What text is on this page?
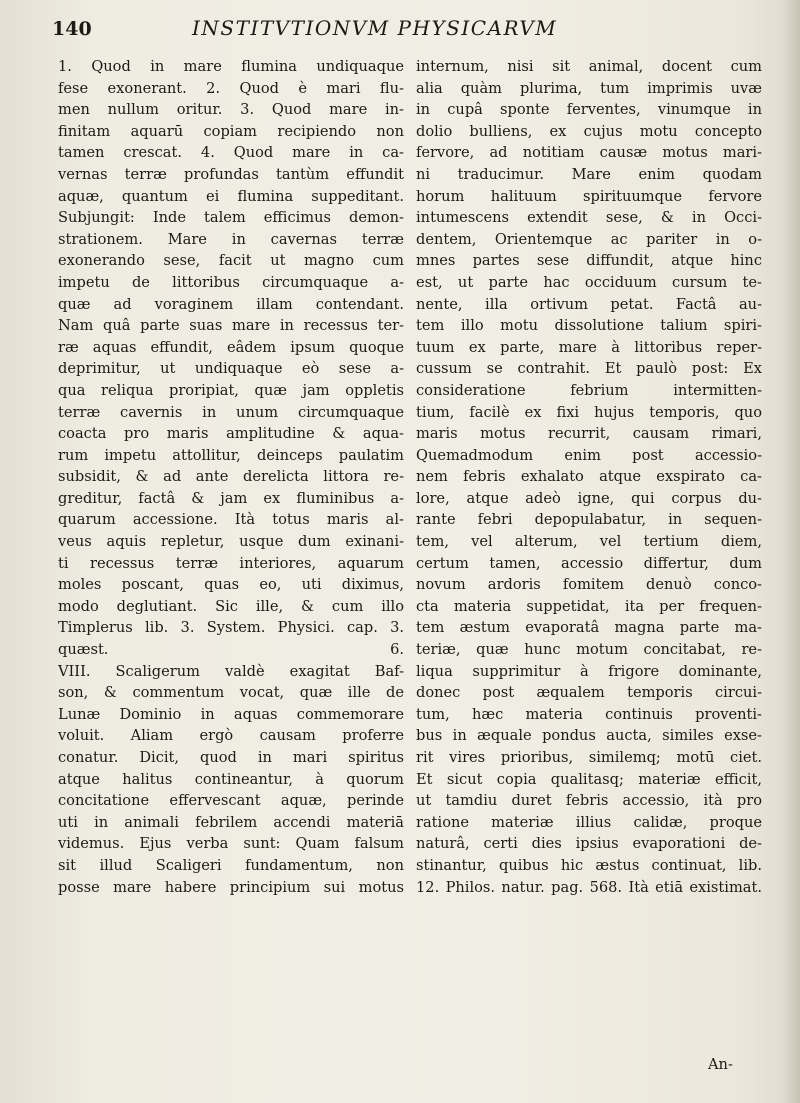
140	INSTITVTIONVM PHYSICARVM
1. Quod in mare flumina undiquaque
fese exonerant. 2. Quod è mari flu-
men nullum oritur. 3. Quod mare in-
finitam aquarū copiam recipiendo non
tamen crescat. 4. Quod mare in ca-
vernas terræ profundas tantùm effundit
aquæ, quantum ei flumina suppeditant.
Subjungit: Inde talem efficimus demon-
strationem. Mare in cavernas terræ
exonerando sese, facit ut magno cum
impetu de littoribus circumquaque a-
quæ ad voraginem illam contendant.
Nam quâ parte suas mare in recessus ter-
ræ aquas effundit, eâdem ipsum quoque
deprimitur, ut undiquaque eò sese a-
qua reliqua proripiat, quæ jam oppletis
terræ cavernis in unum circumquaque
coacta pro maris amplitudine & aqua-
rum impetu attollitur, deinceps paulatim
subsidit, & ad ante derelicta littora re-
greditur, factâ & jam ex fluminibus a-
quarum accessione. Ità totus maris al-
veus aquis repletur, usque dum exinani-
ti recessus terræ interiores, aquarum
moles poscant, quas eo, uti diximus,
modo deglutiant. Sic ille, & cum illo
Timplerus lib. 3. System. Physici. cap. 3.
quæst. 6.
VIII. Scaligerum valdè exagitat Baf-
son, & commentum vocat, quæ ille de
Lunæ Dominio in aquas commemorare
voluit. Aliam ergò causam proferre
conatur. Dicit, quod in mari spiritus
atque halitus contineantur, à quorum
concitatione effervescant aquæ, perinde
uti in animali febrilem accendi materiā
videmus. Ejus verba sunt: Quam falsum
sit illud Scaligeri fundamentum, non
posse mare habere principium sui motus
internum, nisi sit animal, docent cum
alia quàm plurima, tum imprimis uvæ
in cupâ sponte ferventes, vinumque in
dolio bulliens, ex cujus motu concepto
fervore, ad notitiam causæ motus mari-
ni traducimur. Mare enim quodam
horum halituum spirituumque fervore
intumescens extendit sese, & in Occi-
dentem, Orientemque ac pariter in o-
mnes partes sese diffundit, atque hinc
est, ut parte hac occiduum cursum te-
nente, illa ortivum petat. Factâ au-
tem illo motu dissolutione talium spiri-
tuum ex parte, mare à littoribus reper-
cussum se contrahit. Et paulò post: Ex
consideratione febrium intermitten-
tium, facilè ex fixi hujus temporis, quo
maris motus recurrit, causam rimari,
Quemadmodum enim post accessio-
nem febris exhalato atque exspirato ca-
lore, atque adeò igne, qui corpus du-
rante febri depopulabatur, in sequen-
tem, vel alterum, vel tertium diem,
certum tamen, accessio differtur, dum
novum ardoris fomitem denuò conco-
cta materia suppetidat, ita per frequen-
tem æstum evaporatâ magna parte ma-
teriæ, quæ hunc motum concitabat, re-
liqua supprimitur à frigore dominante,
donec post æqualem temporis circui-
tum, hæc materia continuis proventi-
bus in æquale pondus aucta, similes exse-
rit vires prioribus, similemq; motū ciet.
Et sicut copia qualitasq; materiæ efficit,
ut tamdiu duret febris accessio, ità pro
ratione materiæ illius calidæ, proque
naturâ, certi dies ipsius evaporationi de-
stinantur, quibus hic æstus continuat, lib.
12. Philos. natur. pag. 568. Ità etiā existimat.
An-
